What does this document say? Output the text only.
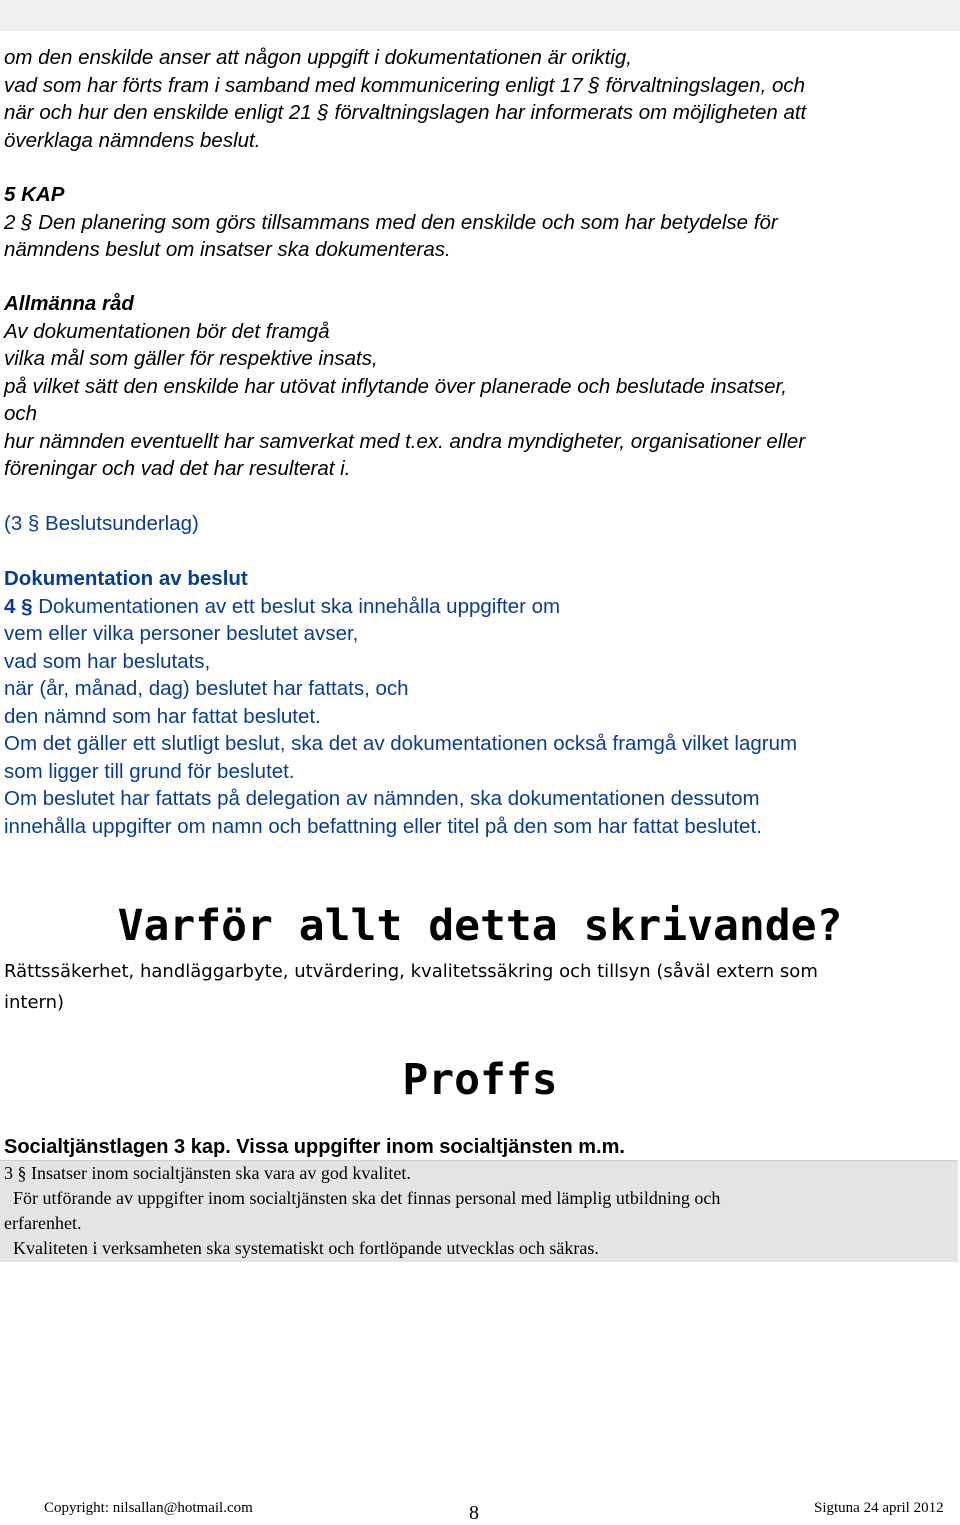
om den enskilde anser att någon uppgift i dokumentationen är oriktig,
vad som har förts fram i samband med kommunicering enligt 17 § förvaltningslagen, och
när och hur den enskilde enligt 21 § förvaltningslagen har informerats om möjligheten att
överklaga nämndens beslut.
5 KAP
2 § Den planering som görs tillsammans med den enskilde och som har betydelse för
nämndens beslut om insatser ska dokumenteras.
Allmänna råd
Av dokumentationen bör det framgå
vilka mål som gäller för respektive insats,
på vilket sätt den enskilde har utövat inflytande över planerade och beslutade insatser,
och
hur nämnden eventuellt har samverkat med t.ex. andra myndigheter, organisationer eller
föreningar och vad det har resulterat i.
(3 § Beslutsunderlag)
Dokumentation av beslut
4 § Dokumentationen av ett beslut ska innehålla uppgifter om
vem eller vilka personer beslutet avser,
vad som har beslutats,
när (år, månad, dag) beslutet har fattats, och
den nämnd som har fattat beslutet.
Om det gäller ett slutligt beslut, ska det av dokumentationen också framgå vilket lagrum
som ligger till grund för beslutet.
Om beslutet har fattats på delegation av nämnden, ska dokumentationen dessutom
innehålla uppgifter om namn och befattning eller titel på den som har fattat beslutet.
Varför allt detta skrivande?
Rättssäkerhet, handläggarbyte, utvärdering, kvalitetssäkring och tillsyn (såväl extern som
intern)
Proffs
Socialtjänstlagen 3 kap. Vissa uppgifter inom socialtjänsten m.m.
3 § Insatser inom socialtjänsten ska vara av god kvalitet.
För utförande av uppgifter inom socialtjänsten ska det finnas personal med lämplig utbildning och
erfarenhet.
Kvaliteten i verksamheten ska systematiskt och fortlöpande utvecklas och säkras.
Copyright: nilsallan@hotmail.com	8	Sigtuna 24 april 2012
